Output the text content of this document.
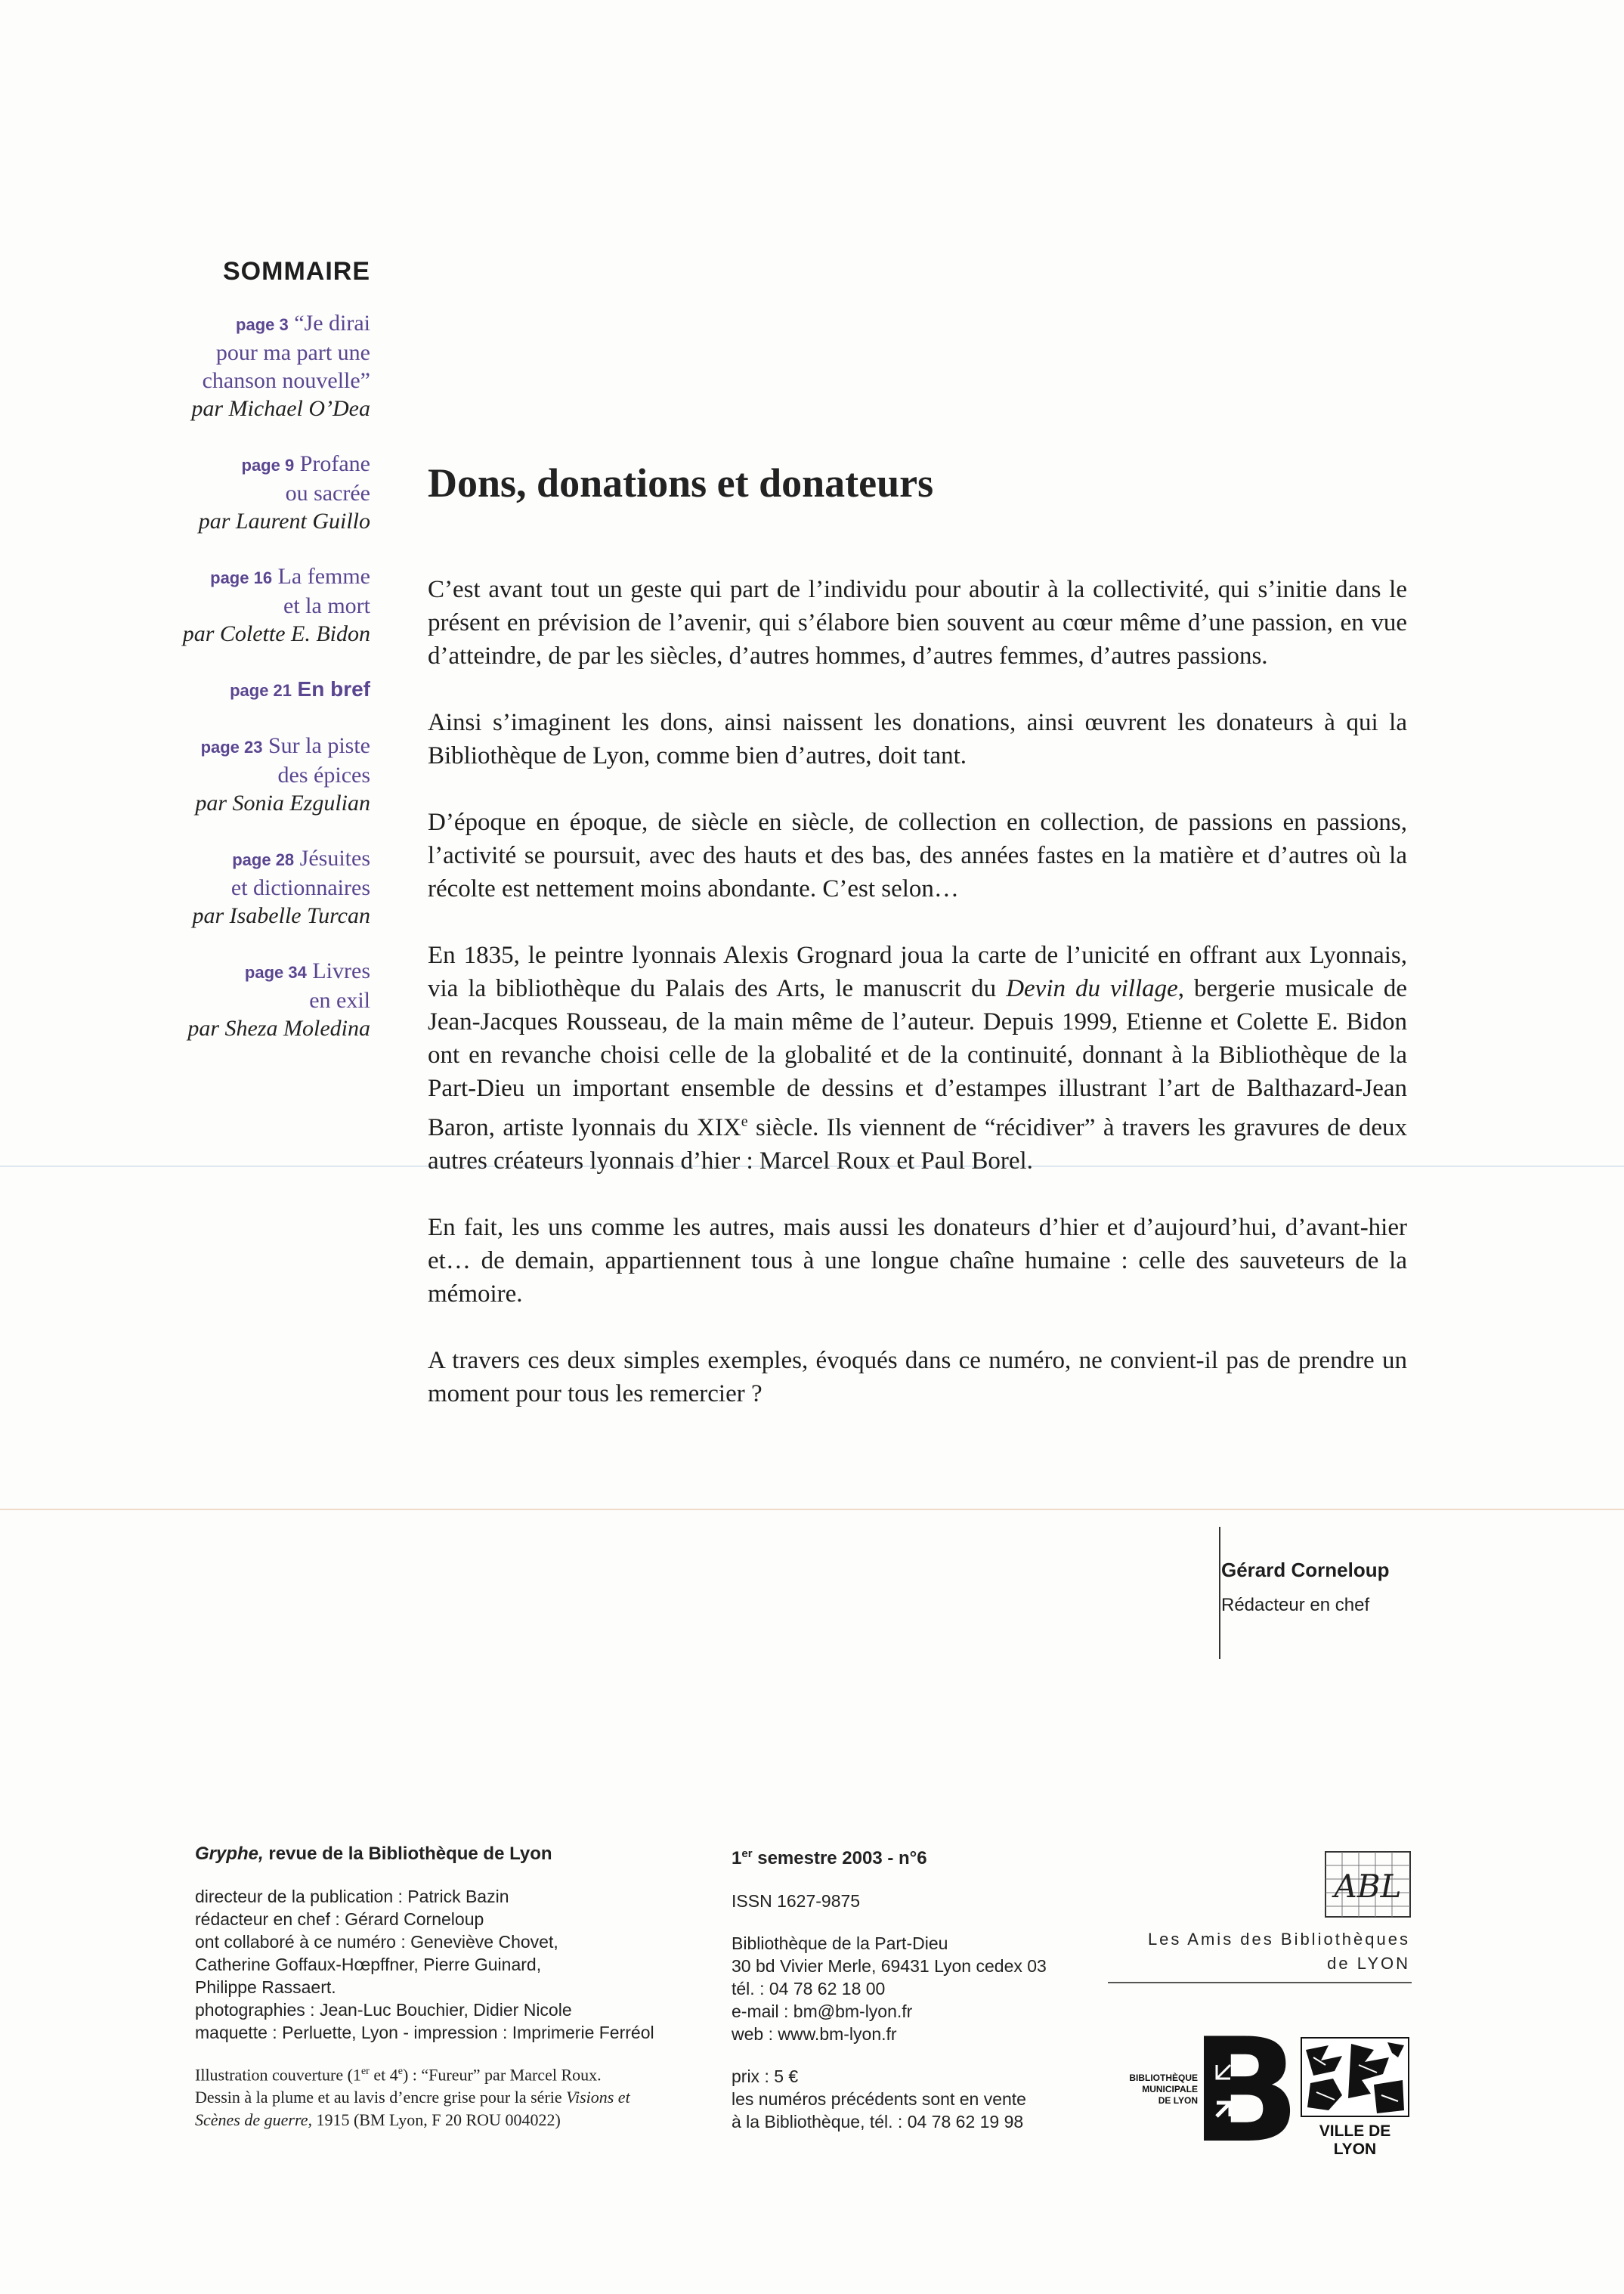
SOMMAIRE
page 3 “Je dirai
pour ma part une
chanson nouvelle”
par Michael O’Dea
page 9 Profane
ou sacrée
par Laurent Guillo
page 16 La femme
et la mort
par Colette E. Bidon
page 21 En bref
page 23 Sur la piste
des épices
par Sonia Ezgulian
page 28 Jésuites
et dictionnaires
par Isabelle Turcan
page 34 Livres
en exil
par Sheza Moledina
Dons, donations et donateurs

C’est avant tout un geste qui part de l’individu pour aboutir à la collectivité, qui s’initie dans le présent en prévision de l’avenir, qui s’élabore bien souvent au cœur même d’une passion, en vue d’atteindre, de par les siècles, d’autres hommes, d’autres femmes, d’autres passions.

Ainsi s’imaginent les dons, ainsi naissent les donations, ainsi œuvrent les donateurs à qui la Bibliothèque de Lyon, comme bien d’autres, doit tant.

D’époque en époque, de siècle en siècle, de collection en collection, de passions en passions, l’activité se poursuit, avec des hauts et des bas, des années fastes en la matière et d’autres où la récolte est nettement moins abondante. C’est selon…

En 1835, le peintre lyonnais Alexis Grognard joua la carte de l’unicité en offrant aux Lyonnais, via la bibliothèque du Palais des Arts, le manuscrit du Devin du village, bergerie musicale de Jean-Jacques Rousseau, de la main même de l’auteur. Depuis 1999, Etienne et Colette E. Bidon ont en revanche choisi celle de la globalité et de la continuité, donnant à la Bibliothèque de la Part-Dieu un important ensemble de dessins et d’estampes illustrant l’art de Balthazard-Jean Baron, artiste lyonnais du XIXe siècle. Ils viennent de “récidiver” à travers les gravures de deux autres créateurs lyonnais d’hier : Marcel Roux et Paul Borel.

En fait, les uns comme les autres, mais aussi les donateurs d’hier et d’aujourd’hui, d’avant-hier et… de demain, appartiennent tous à une longue chaîne humaine : celle des sauveteurs de la mémoire.

A travers ces deux simples exemples, évoqués dans ce numéro, ne convient-il pas de prendre un moment pour tous les remercier ?

Gérard Corneloup
Rédacteur en chef
Gryphe, revue de la Bibliothèque de Lyon
directeur de la publication : Patrick Bazin
rédacteur en chef : Gérard Corneloup
ont collaboré à ce numéro : Geneviève Chovet,
Catherine Goffaux-Hœpffner, Pierre Guinard,
Philippe Rassaert.
photographies : Jean-Luc Bouchier, Didier Nicole
maquette : Perluette, Lyon - impression : Imprimerie Ferréol
Illustration couverture (1er et 4e) : “Fureur” par Marcel Roux.
Dessin à la plume et au lavis d’encre grise pour la série Visions et Scènes de guerre, 1915 (BM Lyon, F 20 ROU 004022)
1er semestre 2003 - n°6
ISSN 1627-9875
Bibliothèque de la Part-Dieu
30 bd Vivier Merle, 69431 Lyon cedex 03
tél. : 04 78 62 18 00
e-mail : bm@bm-lyon.fr
web : www.bm-lyon.fr
prix : 5 €
les numéros précédents sont en vente
à la Bibliothèque, tél. : 04 78 62 19 98
ABL
Les Amis des Bibliothèques
de LYON
BIBLIOTHÈQUE
MUNICIPALE
DE LYON
B	VILLE DE LYON
